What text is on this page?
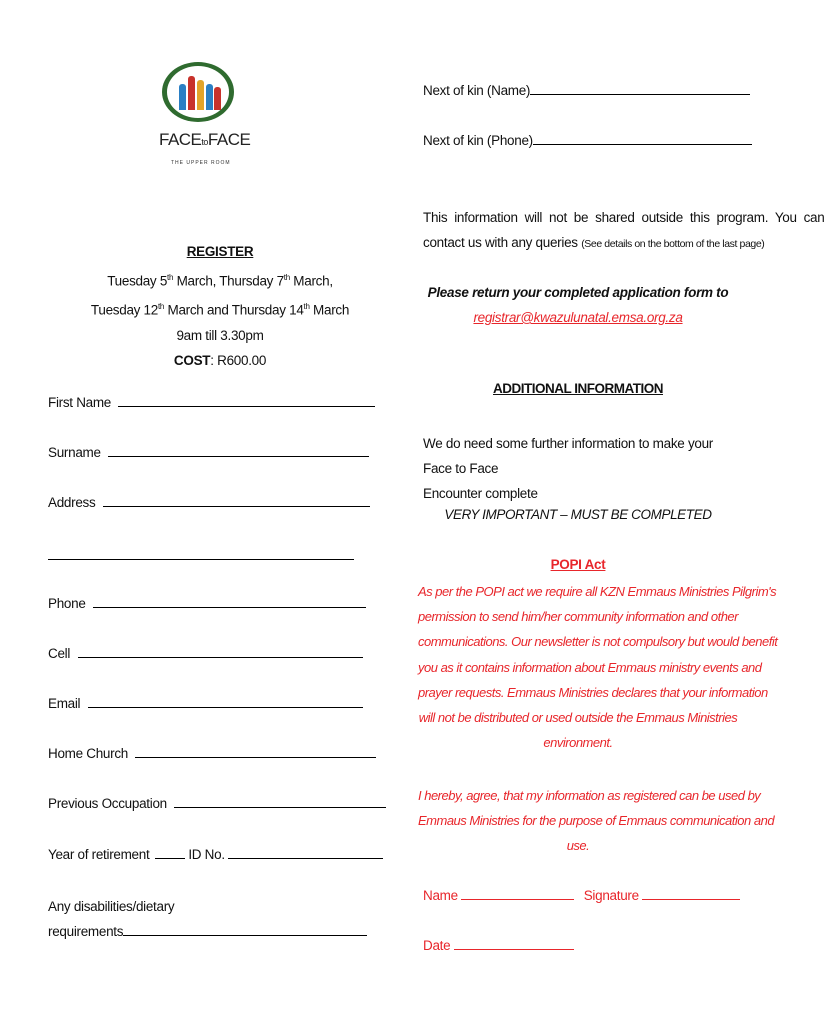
FACEtoFACE
THE UPPER ROOM
REGISTER
Tuesday 5th March, Thursday 7th March,
Tuesday 12th March and Thursday 14th March
9am till 3.30pm
COST: R600.00
First Name
Surname
Address
Phone
Cell
Email
Home Church
Previous Occupation
Year of retirement	ID No.
Any disabilities/dietary
requirements
Next of kin (Name)
Next of kin (Phone)
This  information  will  not  be  shared  outside  this  program.  You  can
contact us with any queries (See details on the bottom of the last page)
Please return your completed application form to
registrar@kwazulunatal.emsa.org.za
ADDITIONAL INFORMATION
We do need some further information to make your Face to Face
Encounter complete
VERY IMPORTANT – MUST BE COMPLETED
POPI Act
As per the POPI act we require all KZN Emmaus Ministries Pilgrim's
permission to send him/her community information and other
communications. Our newsletter is not compulsory but would benefit
you as it contains information about Emmaus ministry events and
prayer requests. Emmaus Ministries declares that your information
will not be distributed or used outside the Emmaus Ministries
environment.
I hereby, agree, that my information as registered can be used by
Emmaus Ministries for the purpose of Emmaus communication and
use.
Name	Signature
Date
